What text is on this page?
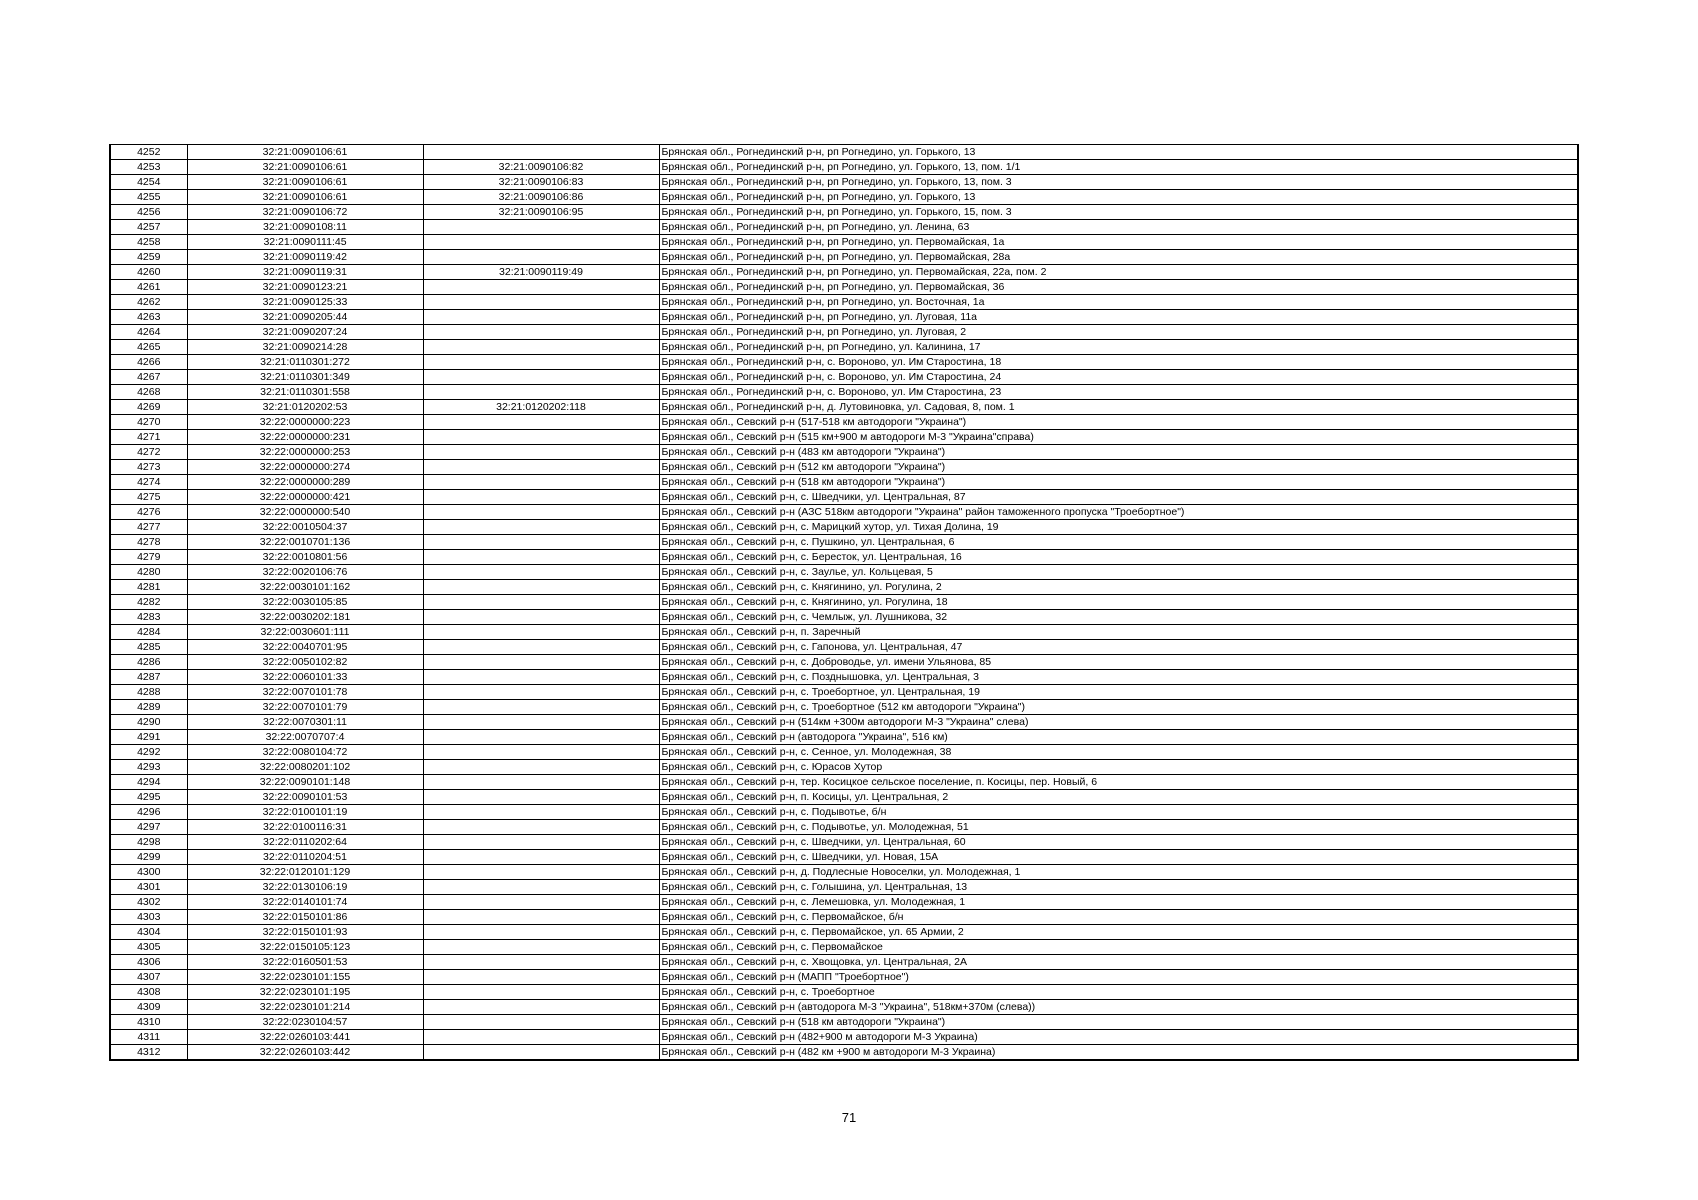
4252	32:21:0090106:61		Брянская обл., Рогнединский р-н, рп Рогнедино, ул. Горького, 13
4253	32:21:0090106:61	32:21:0090106:82	Брянская обл., Рогнединский р-н, рп Рогнедино, ул. Горького, 13, пом. 1/1
4254	32:21:0090106:61	32:21:0090106:83	Брянская обл., Рогнединский р-н, рп Рогнедино, ул. Горького, 13, пом. 3
4255	32:21:0090106:61	32:21:0090106:86	Брянская обл., Рогнединский р-н, рп Рогнедино, ул. Горького, 13
4256	32:21:0090106:72	32:21:0090106:95	Брянская обл., Рогнединский р-н, рп Рогнедино, ул. Горького, 15, пом. 3
4257	32:21:0090108:11		Брянская обл., Рогнединский р-н, рп Рогнедино, ул. Ленина, 63
4258	32:21:0090111:45		Брянская обл., Рогнединский р-н, рп Рогнедино, ул. Первомайская, 1а
4259	32:21:0090119:42		Брянская обл., Рогнединский р-н, рп Рогнедино, ул. Первомайская, 28а
4260	32:21:0090119:31	32:21:0090119:49	Брянская обл., Рогнединский р-н, рп Рогнедино, ул. Первомайская, 22а, пом. 2
4261	32:21:0090123:21		Брянская обл., Рогнединский р-н, рп Рогнедино, ул. Первомайская, 36
4262	32:21:0090125:33		Брянская обл., Рогнединский р-н, рп Рогнедино, ул. Восточная, 1а
4263	32:21:0090205:44		Брянская обл., Рогнединский р-н, рп Рогнедино, ул. Луговая, 11а
4264	32:21:0090207:24		Брянская обл., Рогнединский р-н, рп Рогнедино, ул. Луговая, 2
4265	32:21:0090214:28		Брянская обл., Рогнединский р-н, рп Рогнедино, ул. Калинина, 17
4266	32:21:0110301:272		Брянская обл., Рогнединский р-н, с. Вороново, ул. Им Старостина, 18
4267	32:21:0110301:349		Брянская обл., Рогнединский р-н, с. Вороново, ул. Им Старостина, 24
4268	32:21:0110301:558		Брянская обл., Рогнединский р-н, с. Вороново, ул. Им Старостина, 23
4269	32:21:0120202:53	32:21:0120202:118	Брянская обл., Рогнединский р-н, д. Лутовиновка, ул. Садовая, 8, пом. 1
4270	32:22:0000000:223		Брянская обл., Севский р-н (517-518 км автодороги "Украина")
4271	32:22:0000000:231		Брянская обл., Севский р-н (515 км+900 м автодороги М-3 "Украина"справа)
4272	32:22:0000000:253		Брянская обл., Севский р-н (483 км автодороги "Украина")
4273	32:22:0000000:274		Брянская обл., Севский р-н (512 км автодороги "Украина")
4274	32:22:0000000:289		Брянская обл., Севский р-н (518 км автодороги "Украина")
4275	32:22:0000000:421		Брянская обл., Севский р-н, с. Шведчики, ул. Центральная, 87
4276	32:22:0000000:540		Брянская обл., Севский р-н (АЗС 518км автодороги "Украина" район таможенного пропуска "Троебортное")
4277	32:22:0010504:37		Брянская обл., Севский р-н, с. Марицкий хутор, ул. Тихая Долина, 19
4278	32:22:0010701:136		Брянская обл., Севский р-н, с. Пушкино, ул. Центральная, 6
4279	32:22:0010801:56		Брянская обл., Севский р-н, с. Бересток, ул. Центральная, 16
4280	32:22:0020106:76		Брянская обл., Севский р-н, с. Заулье, ул. Кольцевая, 5
4281	32:22:0030101:162		Брянская обл., Севский р-н, с. Княгинино, ул. Рогулина, 2
4282	32:22:0030105:85		Брянская обл., Севский р-н, с. Княгинино, ул. Рогулина, 18
4283	32:22:0030202:181		Брянская обл., Севский р-н, с. Чемлыж, ул. Лушникова, 32
4284	32:22:0030601:111		Брянская обл., Севский р-н, п. Заречный
4285	32:22:0040701:95		Брянская обл., Севский р-н, с. Гапонова, ул. Центральная, 47
4286	32:22:0050102:82		Брянская обл., Севский р-н, с. Доброводье, ул. имени Ульянова, 85
4287	32:22:0060101:33		Брянская обл., Севский р-н, с. Позднышовка, ул. Центральная, 3
4288	32:22:0070101:78		Брянская обл., Севский р-н, с. Троебортное, ул. Центральная, 19
4289	32:22:0070101:79		Брянская обл., Севский р-н, с. Троебортное (512 км автодороги "Украина")
4290	32:22:0070301:11		Брянская обл., Севский р-н (514км +300м автодороги М-3 "Украина" слева)
4291	32:22:0070707:4		Брянская обл., Севский р-н (автодорога "Украина", 516 км)
4292	32:22:0080104:72		Брянская обл., Севский р-н, с. Сенное, ул. Молодежная, 38
4293	32:22:0080201:102		Брянская обл., Севский р-н, с. Юрасов Хутор
4294	32:22:0090101:148		Брянская обл., Севский р-н, тер. Косицкое сельское поселение, п. Косицы, пер. Новый, 6
4295	32:22:0090101:53		Брянская обл., Севский р-н, п. Косицы, ул. Центральная, 2
4296	32:22:0100101:19		Брянская обл., Севский р-н, с. Подывотье, б/н
4297	32:22:0100116:31		Брянская обл., Севский р-н, с. Подывотье, ул. Молодежная, 51
4298	32:22:0110202:64		Брянская обл., Севский р-н, с. Шведчики, ул. Центральная, 60
4299	32:22:0110204:51		Брянская обл., Севский р-н, с. Шведчики, ул. Новая, 15А
4300	32:22:0120101:129		Брянская обл., Севский р-н, д. Подлесные Новоселки, ул. Молодежная, 1
4301	32:22:0130106:19		Брянская обл., Севский р-н, с. Голышина, ул. Центральная, 13
4302	32:22:0140101:74		Брянская обл., Севский р-н, с. Лемешовка, ул. Молодежная, 1
4303	32:22:0150101:86		Брянская обл., Севский р-н, с. Первомайское, б/н
4304	32:22:0150101:93		Брянская обл., Севский р-н, с. Первомайское, ул. 65 Армии, 2
4305	32:22:0150105:123		Брянская обл., Севский р-н, с. Первомайское
4306	32:22:0160501:53		Брянская обл., Севский р-н, с. Хвощовка, ул. Центральная, 2А
4307	32:22:0230101:155		Брянская обл., Севский р-н (МАПП "Троебортное")
4308	32:22:0230101:195		Брянская обл., Севский р-н, с. Троебортное
4309	32:22:0230101:214		Брянская обл., Севский р-н (автодорога М-3 "Украина", 518км+370м (слева))
4310	32:22:0230104:57		Брянская обл., Севский р-н (518 км автодороги "Украина")
4311	32:22:0260103:441		Брянская обл., Севский р-н (482+900 м автодороги М-3 Украина)
4312	32:22:0260103:442		Брянская обл., Севский р-н (482 км +900 м автодороги М-3 Украина)
71
